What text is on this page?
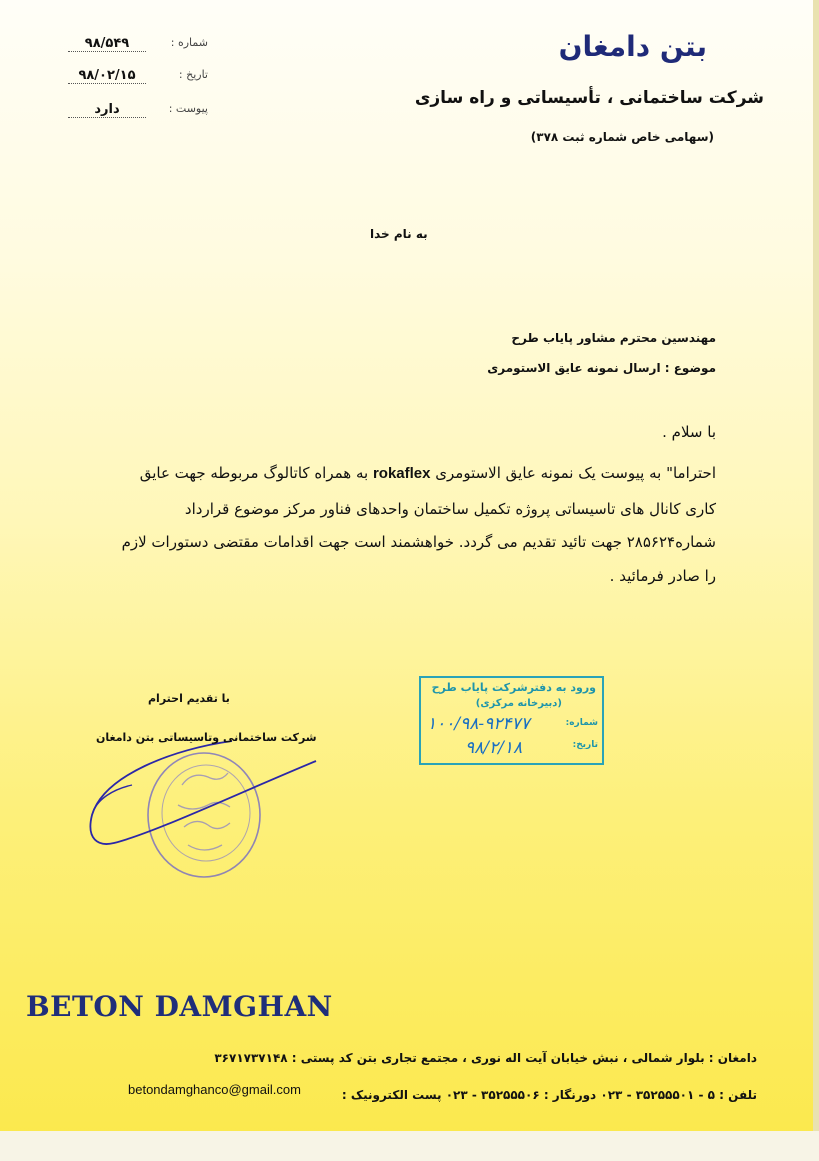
شماره :
۹۸/۵۴۹
تاریخ :
۹۸/۰۲/۱۵
پیوست :
دارد
بتن دامغان
شرکت ساختمانی ، تأسیساتی و راه سازی
(سهامی خاص شماره ثبت ۳۷۸)
به نام خدا
مهندسین محترم مشاور پایاب طرح
موضوع : ارسال نمونه عایق الاستومری
با سلام .
احتراما" به پیوست یک نمونه عایق الاستومری rokaflex به همراه کاتالوگ مربوطه جهت عایق
کاری کانال های تاسیساتی پروژه تکمیل ساختمان واحدهای فناور مرکز موضوع قرارداد
شماره۲۸۵۶۲۴ جهت تائید تقدیم می گردد. خواهشمند است جهت اقدامات مقتضی دستورات لازم
را صادر فرمائید .
ورود به دفترشرکت پایاب طرح
(دبیرخانه مرکزی)
شماره:
۱۰۰/۹۸-۹۲۴۷۷
تاریخ:
۹۸/۲/۱۸
با تقدیم احترام
شرکت ساختمانی وتاسیساتی بتن دامغان
BETON DAMGHAN
دامغان : بلوار شمالی ، نبش خیابان آیت اله نوری ، مجتمع تجاری بتن کد پستی : ۳۶۷۱۷۳۷۱۴۸
تلفن : ۵ - ۳۵۲۵۵۵۰۱ - ۰۲۳ دورنگار : ۳۵۲۵۵۵۰۶ - ۰۲۳ پست الکترونیک :
betondamghanco@gmail.com
